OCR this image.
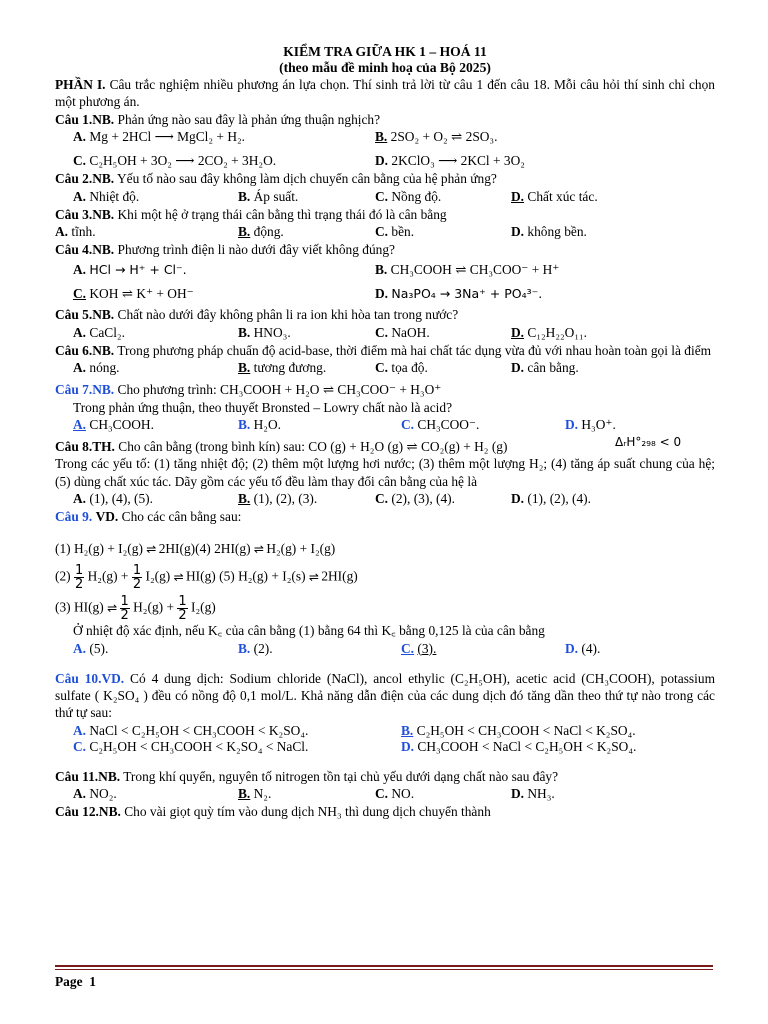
KIỂM TRA GIỮA HK 1 – HOÁ 11

(theo mẫu đề minh hoạ của Bộ 2025)

PHẦN I. Câu trắc nghiệm nhiều phương án lựa chọn. Thí sinh trả lời từ câu 1 đến câu 18. Mỗi câu hỏi thí sinh chỉ chọn một phương án.

Câu 1.NB. Phản ứng nào sau đây là phản ứng thuận nghịch?

A. Mg + 2HCl ⟶ MgCl₂ + H₂.	B. 2SO₂ + O₂ ⇌ 2SO₃.
C. C₂H₅OH + 3O₂ ⟶ 2CO₂ + 3H₂O.	D. 2KClO₃ ⟶ 2KCl + 3O₂

Câu 2.NB. Yếu tố nào sau đây không làm dịch chuyển cân bằng của hệ phản ứng?

A. Nhiệt độ.	B. Áp suất.	C. Nồng độ.	D. Chất xúc tác.

Câu 3.NB. Khi một hệ ở trạng thái cân bằng thì trạng thái đó là cân bằng

A. tĩnh.	B. động.	C. bền.	D. không bền.

Câu 4.NB. Phương trình điện li nào dưới đây viết không đúng?

A. HCl → H⁺ + Cl⁻.	B. CH₃COOH ⇌ CH₃COO⁻ + H⁺
C. KOH ⇌ K⁺ + OH⁻	D. Na₃PO₄ → 3Na⁺ + PO₄³⁻.

Câu 5.NB. Chất nào dưới đây không phân li ra ion khi hòa tan trong nước?

A. CaCl₂.	B. HNO₃.	C. NaOH.	D. C₁₂H₂₂O₁₁.

Câu 6.NB. Trong phương pháp chuẩn độ acid-base, thời điểm mà hai chất tác dụng vừa đủ với nhau hoàn toàn gọi là điểm

A. nóng.	B. tương đương.	C. tọa độ.	D. cân bằng.

Câu 7.NB. Cho phương trình: CH₃COOH + H₂O ⇌ CH₃COO⁻ + H₃O⁺

Trong phản ứng thuận, theo thuyết Bronsted – Lowry chất nào là acid?

A. CH₃COOH.	B. H₂O.	C. CH₃COO⁻.	D. H₃O⁺.

Câu 8.TH. Cho cân bằng (trong bình kín) sau: CO (g) + H₂O (g) ⇌ CO₂(g) + H₂ (g)	ΔᵣH°₂₉₈ < 0

Trong các yếu tố: (1) tăng nhiệt độ; (2) thêm một lượng hơi nước; (3) thêm một lượng H₂; (4) tăng áp suất chung của hệ; (5) dùng chất xúc tác. Dãy gồm các yếu tố đều làm thay đổi cân bằng của hệ là

A. (1), (4), (5).	B. (1), (2), (3).	C. (2), (3), (4).	D. (1), (2), (4).

Câu 9. VD. Cho các cân bằng sau:

(1) H₂(g) + I₂(g) ⇌ 2HI(g)(4) 2HI(g) ⇌ H₂(g) + I₂(g)

$(2) \frac{1}{2} H_2(g) + \frac{1}{2} I_2(g)$ ⇌ HI(g) (5) H₂(g) + I₂(s) ⇌ 2HI(g)

(3) HI(g) ⇌ $\frac{1}{2} H_2(g) + \frac{1}{2} I_2(g)$

Ở nhiệt độ xác định, nếu K꜀ của cân bằng (1) bằng 64 thì K꜀ bằng 0,125 là của cân bằng

A. (5).	B. (2).	C. (3).	D. (4).

Câu 10.VD. Có 4 dung dịch: Sodium chloride (NaCl), ancol ethylic (C₂H₅OH), acetic acid (CH₃COOH), potassium sulfate ( K₂SO₄ ) đều có nồng độ 0,1 mol/L. Khả năng dẫn điện của các dung dịch đó tăng dần theo thứ tự nào trong các thứ tự sau:

A. NaCl < C₂H₅OH < CH₃COOH < K₂SO₄.	B. C₂H₅OH < CH₃COOH < NaCl < K₂SO₄.
C. C₂H₅OH < CH₃COOH < K₂SO₄ < NaCl.	D. CH₃COOH < NaCl < C₂H₅OH < K₂SO₄.

Câu 11.NB. Trong khí quyển, nguyên tố nitrogen tồn tại chủ yếu dưới dạng chất nào sau đây?

A. NO₂.	B. N₂.	C. NO.	D. NH₃.

Câu 12.NB. Cho vài giọt quỳ tím vào dung dịch NH₃ thì dung dịch chuyển thành

Page 1
